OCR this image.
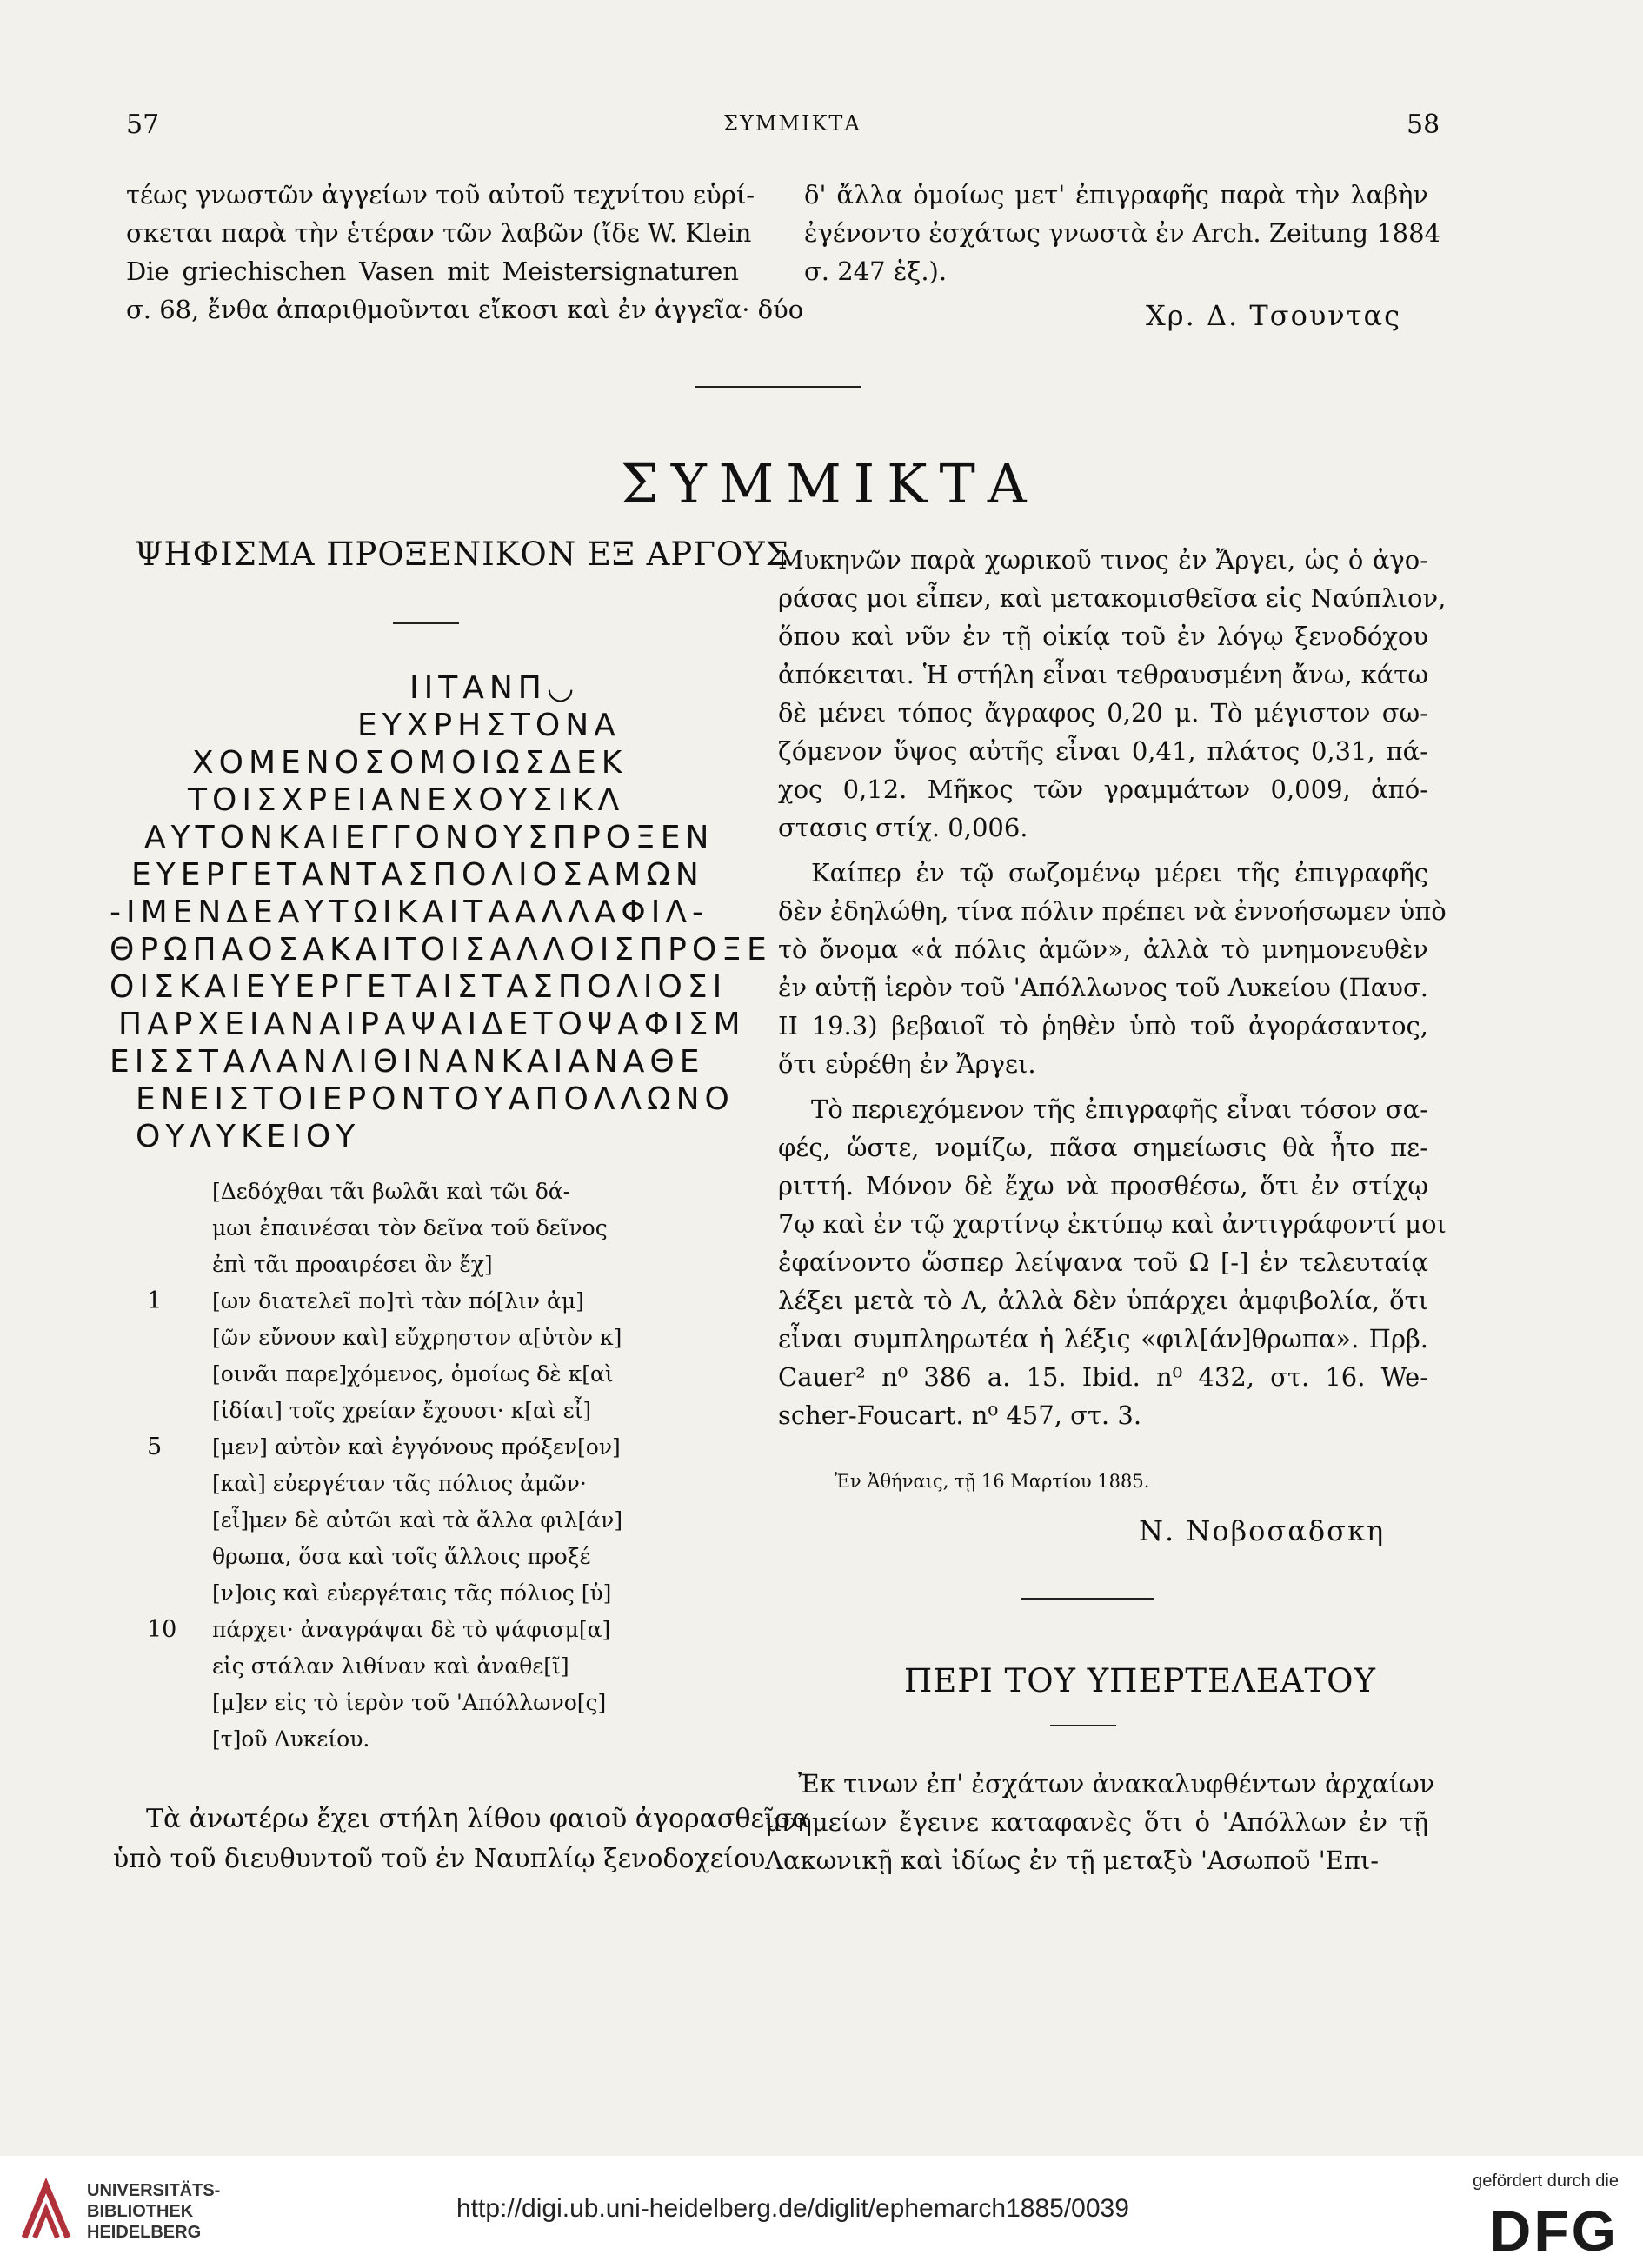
57	ΣΥΜΜΙΚΤΑ	58
τέως γνωστῶν ἀγγείων τοῦ αὐτοῦ τεχνίτου εὑρί-
σκεται παρὰ τὴν ἑτέραν τῶν λαβῶν (ἴδε W. Klein
Die griechischen Vasen mit Meistersignaturen
σ. 68, ἔνθα ἀπαριθμοῦνται εἴκοσι καὶ ἐν ἀγγεῖα· δύο
δ' ἄλλα ὁμοίως μετ' ἐπιγραφῆς παρὰ τὴν λαβὴν
ἐγένοντο ἐσχάτως γνωστὰ ἐν Arch. Zeitung 1884
σ. 247 ἑξ.).
Χρ. Δ. Τσουντας
ΣΥΜΜΙΚΤΑ
ΨΗΦΙΣΜΑ ΠΡΟΞΕΝΙΚΟΝ ΕΞ ΑΡΓΟΥΣ
ΙΙΤΑΝΠ◡
ΕΥΧΡΗΣΤΟΝΑ
ΧΟΜΕΝΟΣΟΜΟΙΩΣΔΕΚ
ΤΟΙΣΧΡΕΙΑΝΕΧΟΥΣΙΚΛ
ΑΥΤΟΝΚΑΙΕΓΓΟΝΟΥΣΠΡΟΞΕΝ
ΕΥΕΡΓΕΤΑΝΤΑΣΠΟΛΙΟΣΑΜΩΝ
-ΙΜΕΝΔΕΑΥΤΩΙΚΑΙΤΑΑΛΛΑΦΙΛ-
ΘΡΩΠΑΟΣΑΚΑΙΤΟΙΣΑΛΛΟΙΣΠΡΟΞΕ
ΟΙΣΚΑΙΕΥΕΡΓΕΤΑΙΣΤΑΣΠΟΛΙΟΣΙ
ΠΑΡΧΕΙΑΝΑΙΡΑΨΑΙΔΕΤΟΨΑΦΙΣΜ
ΕΙΣΣΤΑΛΑΝΛΙΘΙΝΑΝΚΑΙΑΝΑΘΕ
ΕΝΕΙΣΤΟΙΕΡΟΝΤΟΥΑΠΟΛΛΩΝΟ
ΟΥΛΥΚΕΙΟΥ
[Δεδόχθαι τᾶι βωλᾶι καὶ τῶι δά-
μωι ἐπαινέσαι τὸν δεῖνα τοῦ δεῖνος
ἐπὶ τᾶι προαιρέσει ἂν ἔχ]
1 [ων διατελεῖ πο]τὶ τὰν πό[λιν ἀμ]
[ῶν εὔνουν καὶ] εὔχρηστον α[ὑτὸν κ]
[οινᾶι παρε]χόμενος, ὁμοίως δὲ κ[αὶ
[ἰδίαι] τοῖς χρείαν ἔχουσι· κ[αὶ εἶ]
5 [μεν] αὐτὸν καὶ ἐγγόνους πρόξεν[ον]
[καὶ] εὐεργέταν τᾶς πόλιος ἀμῶν·
[εἶ]μεν δὲ αὐτῶι καὶ τὰ ἄλλα φιλ[άν]
θρωπα, ὅσα καὶ τοῖς ἄλλοις προξέ
[ν]οις καὶ εὐεργέταις τᾶς πόλιος [ὑ]
10 πάρχει· ἀναγράψαι δὲ τὸ ψάφισμ[α]
εἰς στάλαν λιθίναν καὶ ἀναθε[ῖ]
[μ]εν εἰς τὸ ἱερὸν τοῦ 'Απόλλωνο[ς]
[τ]οῦ Λυκείου.
Τὰ ἀνωτέρω ἔχει στήλη λίθου φαιοῦ ἀγορασθεῖσα
ὑπὸ τοῦ διευθυντοῦ τοῦ ἐν Ναυπλίῳ ξενοδοχείου
Μυκηνῶν παρὰ χωρικοῦ τινος ἐν Ἄργει, ὡς ὁ ἀγο-
ράσας μοι εἶπεν, καὶ μετακομισθεῖσα εἰς Ναύπλιον,
ὅπου καὶ νῦν ἐν τῇ οἰκίᾳ τοῦ ἐν λόγῳ ξενοδόχου
ἀπόκειται. Ἡ στήλη εἶναι τεθραυσμένη ἄνω, κάτω
δὲ μένει τόπος ἄγραφος 0,20 μ. Τὸ μέγιστον σω-
ζόμενον ὕψος αὐτῆς εἶναι 0,41, πλάτος 0,31, πά-
χος 0,12. Μῆκος τῶν γραμμάτων 0,009, ἀπό-
στασις στίχ. 0,006.
Καίπερ ἐν τῷ σωζομένῳ μέρει τῆς ἐπιγραφῆς
δὲν ἐδηλώθη, τίνα πόλιν πρέπει νὰ ἐννοήσωμεν ὑπὸ
τὸ ὄνομα «ἁ πόλις ἀμῶν», ἀλλὰ τὸ μνημονευθὲν
ἐν αὐτῇ ἱερὸν τοῦ 'Απόλλωνος τοῦ Λυκείου (Παυσ.
ΙΙ 19.3) βεβαιοῖ τὸ ῥηθὲν ὑπὸ τοῦ ἀγοράσαντος,
ὅτι εὑρέθη ἐν Ἄργει.
Τὸ περιεχόμενον τῆς ἐπιγραφῆς εἶναι τόσον σα-
φές, ὥστε, νομίζω, πᾶσα σημείωσις θὰ ἦτο πε-
ριττή. Μόνον δὲ ἔχω νὰ προσθέσω, ὅτι ἐν στίχῳ
7ῳ καὶ ἐν τῷ χαρτίνῳ ἐκτύπῳ καὶ ἀντιγράφοντί μοι
ἐφαίνοντο ὥσπερ λείψανα τοῦ Ω [-] ἐν τελευταίᾳ
λέξει μετὰ τὸ Λ, ἀλλὰ δὲν ὑπάρχει ἀμφιβολία, ὅτι
εἶναι συμπληρωτέα ἡ λέξις «φιλ[άν]θρωπα». Πρβ.
Cauer² n⁰ 386 a. 15. Ibid. n⁰ 432, στ. 16. We-
scher-Foucart. n⁰ 457, στ. 3.
Ἐν Ἀθήναις, τῇ 16 Μαρτίου 1885.
Ν. Νοβοσαδσκη
ΠΕΡΙ ΤΟΥ ΥΠΕΡΤΕΛΕΑΤΟΥ
Ἐκ τινων ἐπ' ἐσχάτων ἀνακαλυφθέντων ἀρχαίων
μνημείων ἔγεινε καταφανὲς ὅτι ὁ 'Απόλλων ἐν τῇ
Λακωνικῇ καὶ ἰδίως ἐν τῇ μεταξὺ 'Ασωποῦ 'Επι-
UNIVERSITÄTS-
BIBLIOTHEK
HEIDELBERG
http://digi.ub.uni-heidelberg.de/diglit/ephemarch1885/0039
gefördert durch die
DFG
